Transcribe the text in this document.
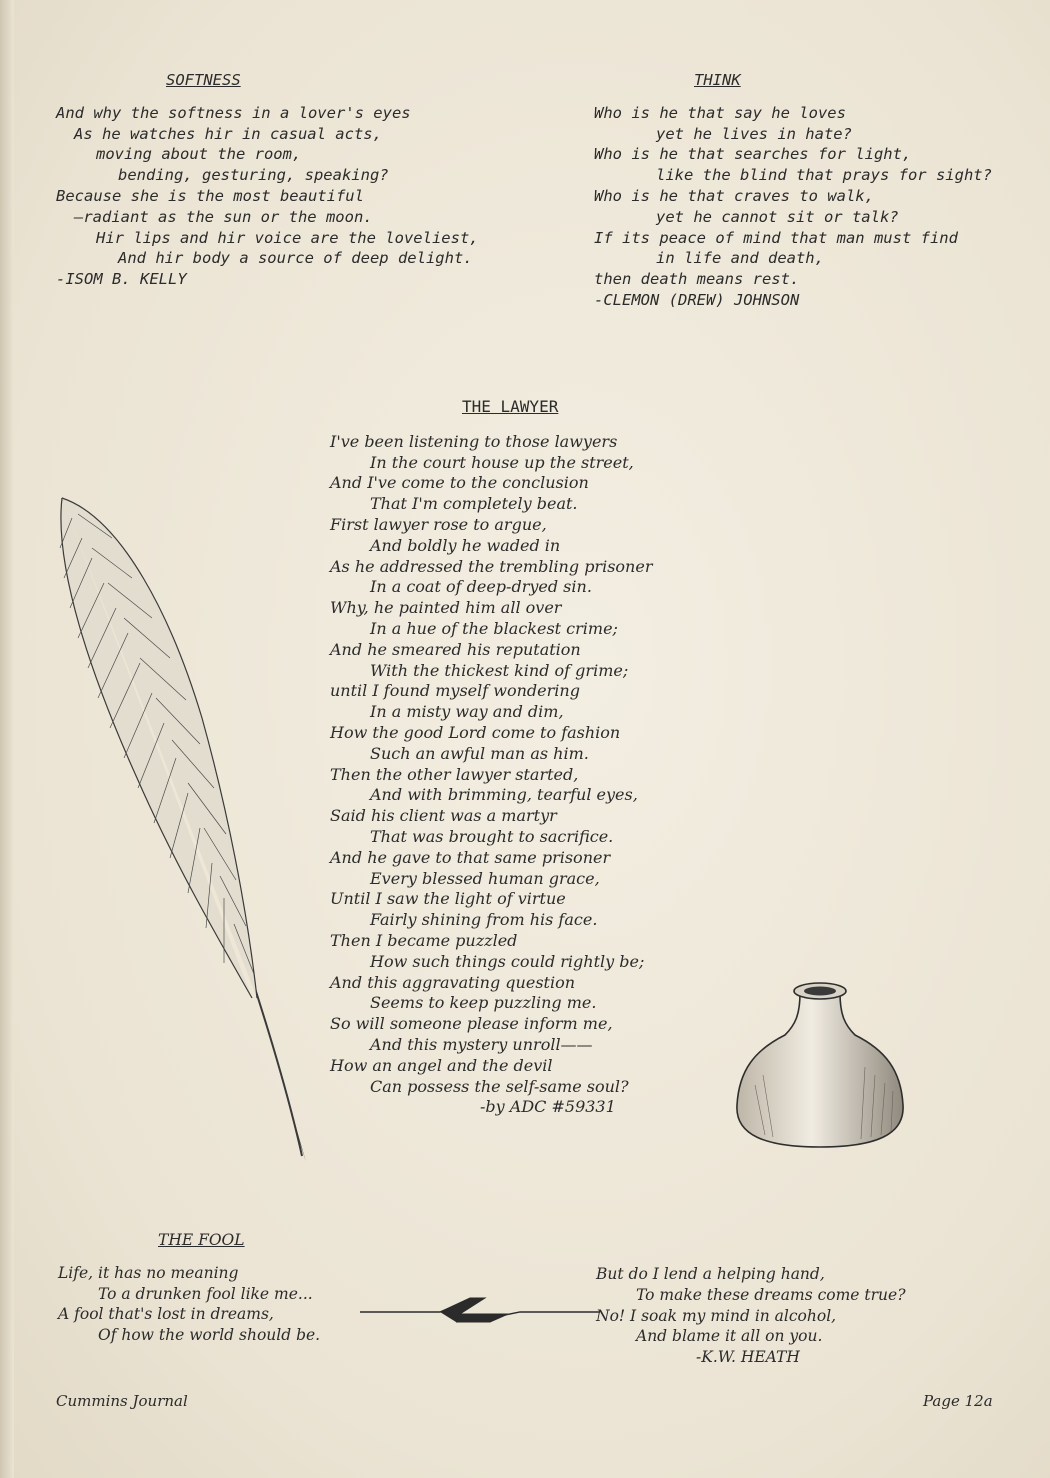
SOFTNESS
And why the softness in a lover's eyes
As he watches hir in casual acts,
moving about the room,
bending, gesturing, speaking?
Because she is the most beautiful
—radiant as the sun or the moon.
Hir lips and hir voice are the loveliest,
And hir body a source of deep delight.
-ISOM B. KELLY
THINK
Who is he that say he loves
yet he lives in hate?
Who is he that searches for light,
like the blind that prays for sight?
Who is he that craves to walk,
yet he cannot sit or talk?
If its peace of mind that man must find
in life and death,
then death means rest.
-CLEMON (DREW) JOHNSON
THE LAWYER
I've been listening to those lawyers
In the court house up the street,
And I've come to the conclusion
That I'm completely beat.
First lawyer rose to argue,
And boldly he waded in
As he addressed the trembling prisoner
In a coat of deep-dryed sin.
Why, he painted him all over
In a hue of the blackest crime;
And he smeared his reputation
With the thickest kind of grime;
until I found myself wondering
In a misty way and dim,
How the good Lord come to fashion
Such an awful man as him.
Then the other lawyer started,
And with brimming, tearful eyes,
Said his client was a martyr
That was brought to sacrifice.
And he gave to that same prisoner
Every blessed human grace,
Until I saw the light of virtue
Fairly shining from his face.
Then I became puzzled
How such things could rightly be;
And this aggravating question
Seems to keep puzzling me.
So will someone please inform me,
And this mystery unroll——
How an angel and the devil
Can possess the self-same soul?
-by ADC #59331
THE FOOL
Life, it has no meaning
To a drunken fool like me...
A fool that's lost in dreams,
Of how the world should be.
But do I lend a helping hand,
To make these dreams come true?
No! I soak my mind in alcohol,
And blame it all on you.
-K.W. HEATH
Cummins Journal	Page 12a
